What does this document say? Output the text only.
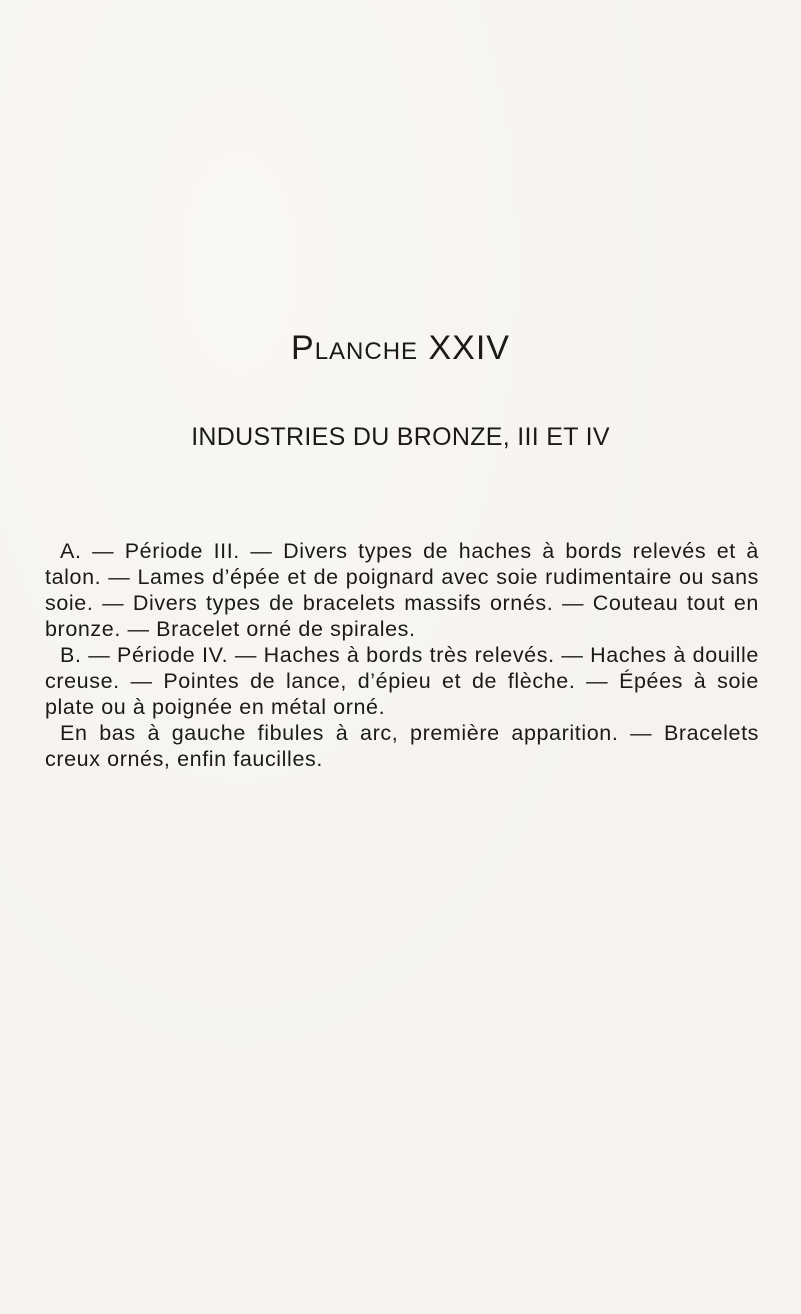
Planche XXIV
INDUSTRIES DU BRONZE, III ET IV

A. — Période III. — Divers types de haches à bords relevés et à talon. — Lames d’épée et de poignard avec soie rudimentaire ou sans soie. — Divers types de bracelets massifs ornés. — Couteau tout en bronze. — Bracelet orné de spirales.

B. — Période IV. — Haches à bords très relevés. — Haches à douille creuse. — Pointes de lance, d’épieu et de flèche. — Épées à soie plate ou à poignée en métal orné.

En bas à gauche fibules à arc, première apparition. — Bracelets creux ornés, enfin faucilles.
